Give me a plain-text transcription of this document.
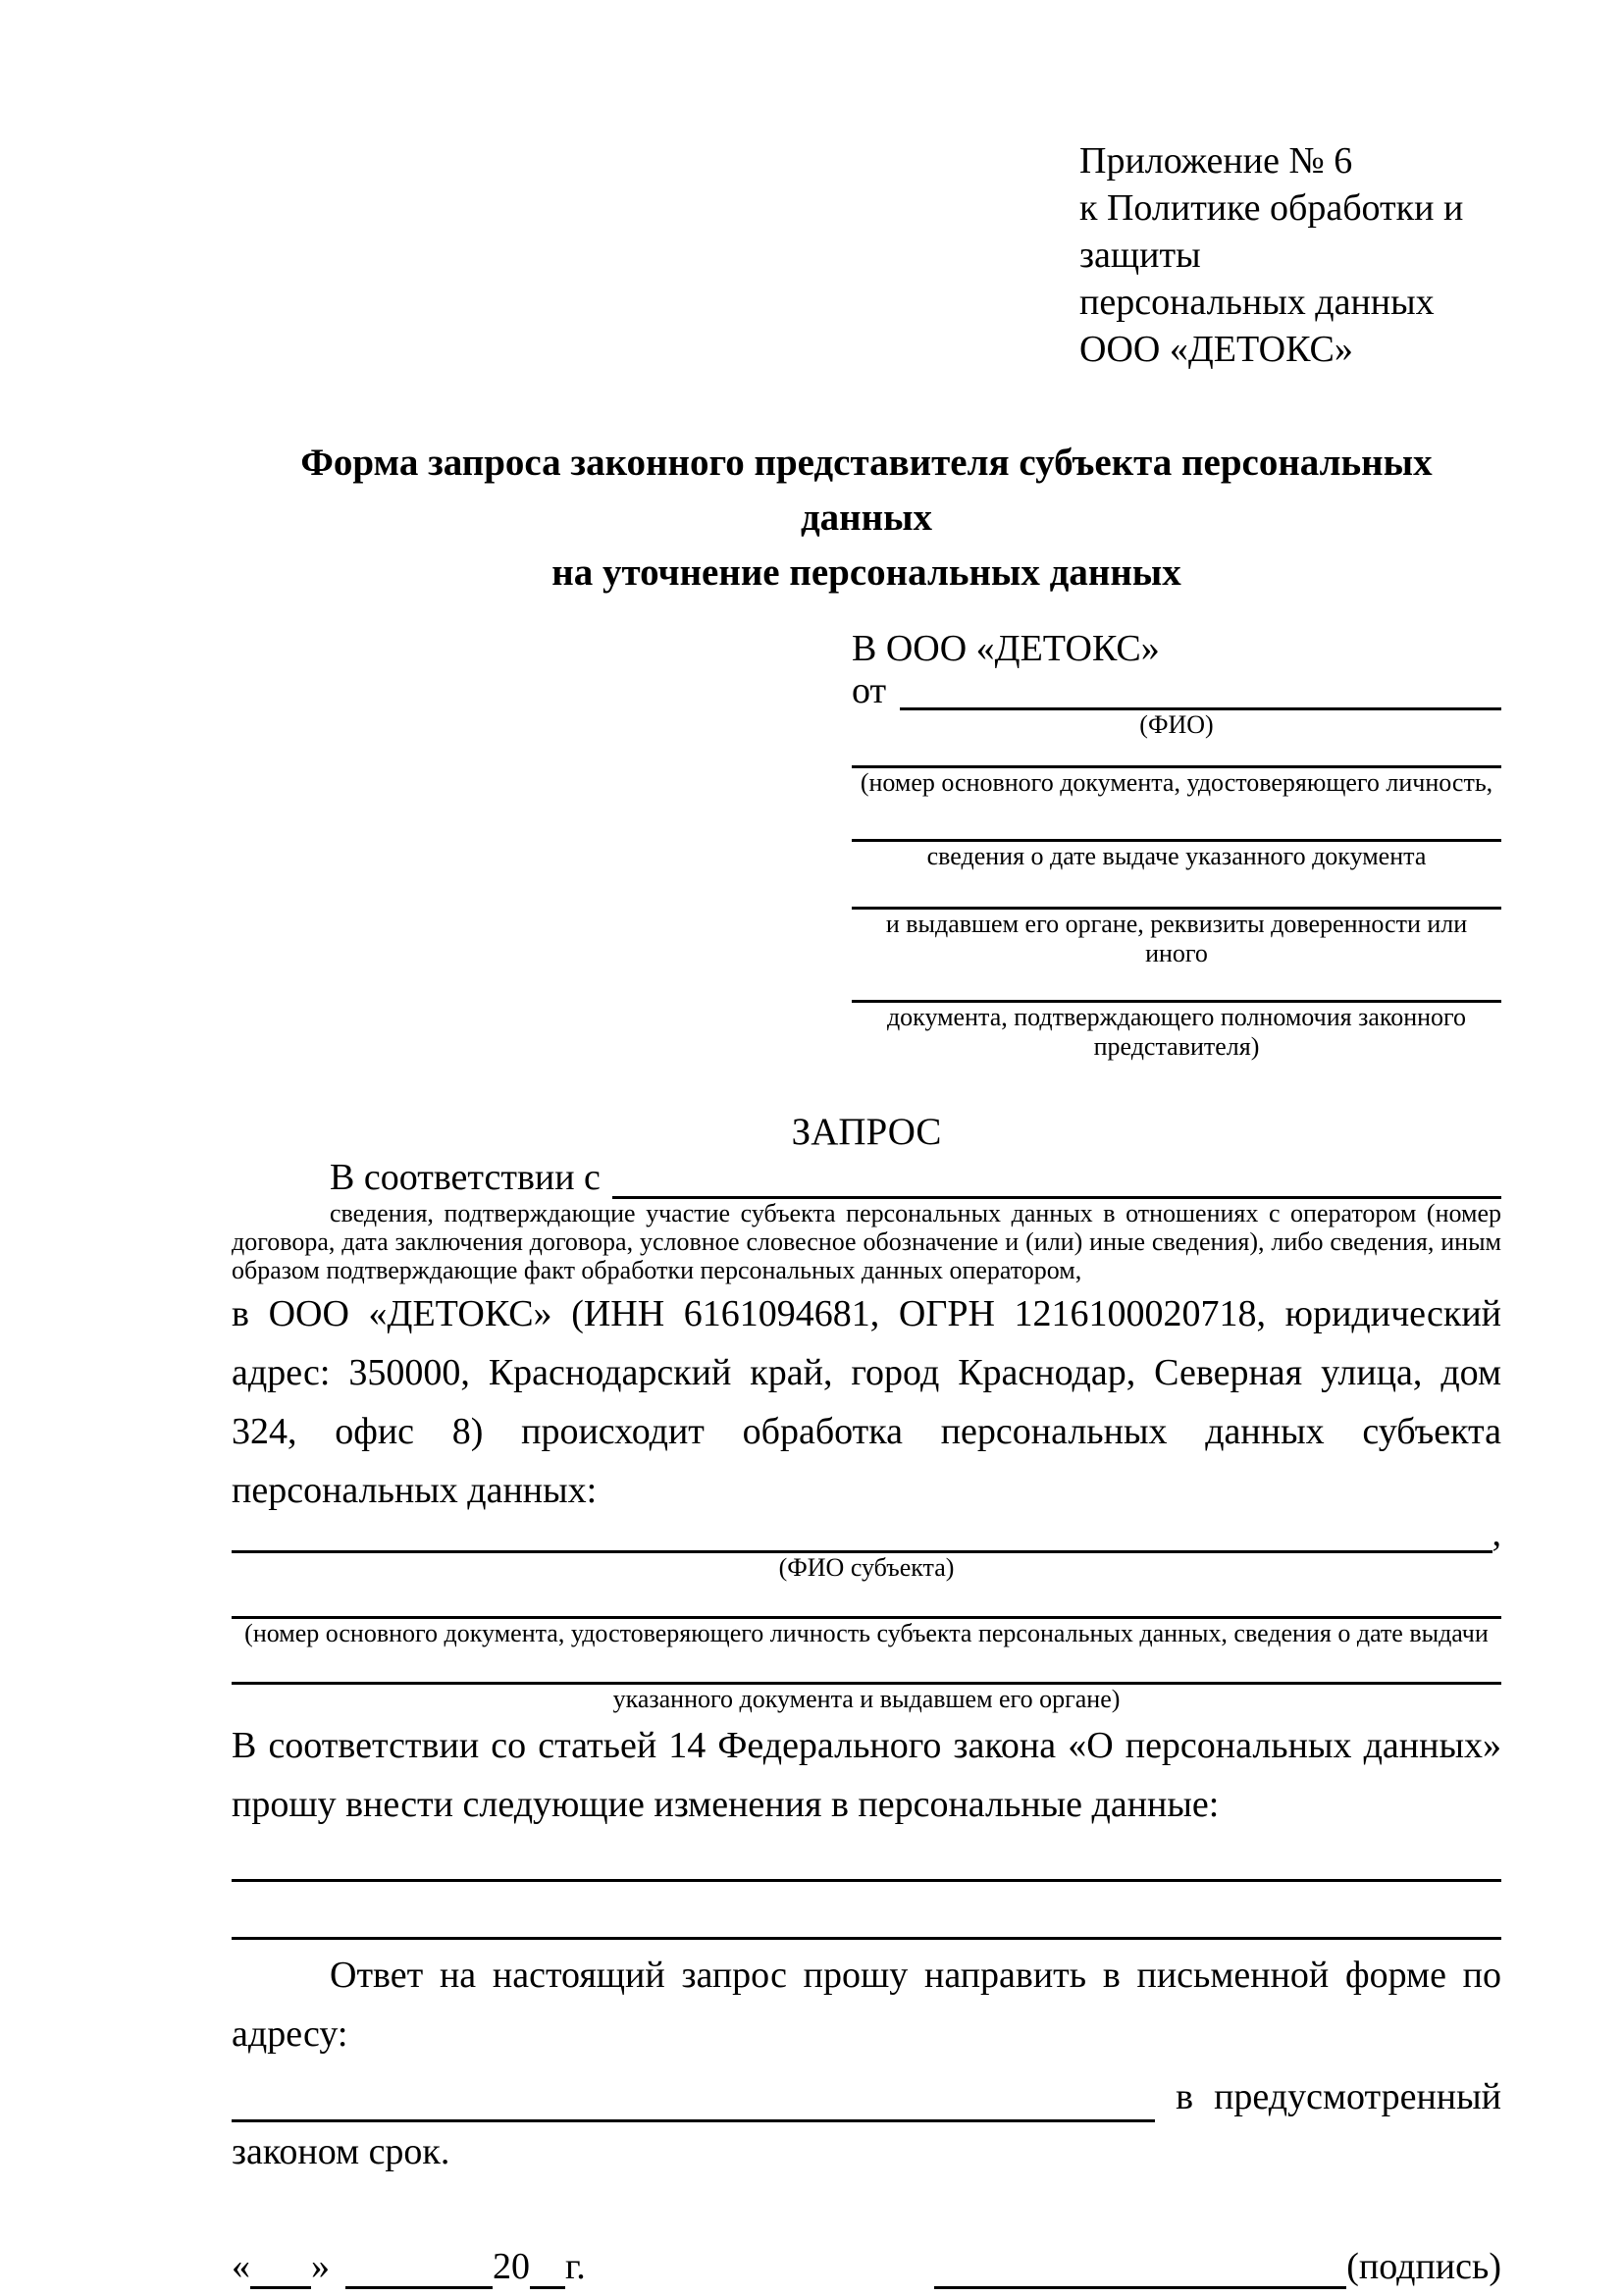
Приложение № 6
к Политике обработки и защиты
персональных данных
ООО «ДЕТОКС»
Форма запроса законного представителя субъекта персональных данных
на уточнение персональных данных
В ООО «ДЕТОКС»
от
(ФИО)
(номер основного документа, удостоверяющего личность,
сведения о дате выдаче указанного документа
и выдавшем его органе, реквизиты доверенности или иного
документа, подтверждающего полномочия законного представителя)
ЗАПРОС
В соответствии с
сведения, подтверждающие участие субъекта персональных данных в отношениях с оператором (номер договора, дата заключения договора, условное словесное обозначение и (или) иные сведения), либо сведения, иным образом подтверждающие факт обработки персональных данных оператором,
в ООО «ДЕТОКС» (ИНН 6161094681, ОГРН 1216100020718, юридический адрес: 350000, Краснодарский край, город Краснодар, Северная улица, дом 324, офис 8) происходит обработка персональных данных субъекта персональных данных:
,
(ФИО субъекта)
(номер основного документа, удостоверяющего личность субъекта персональных данных, сведения о дате выдачи
указанного документа и выдавшем его органе)
В соответствии со статьей 14 Федерального закона «О персональных данных» прошу внести следующие изменения в персональные данные:
Ответ на настоящий запрос прошу направить в письменной форме по адресу:
в предусмотренный
законом срок.
« »	20 г.	(подпись)
